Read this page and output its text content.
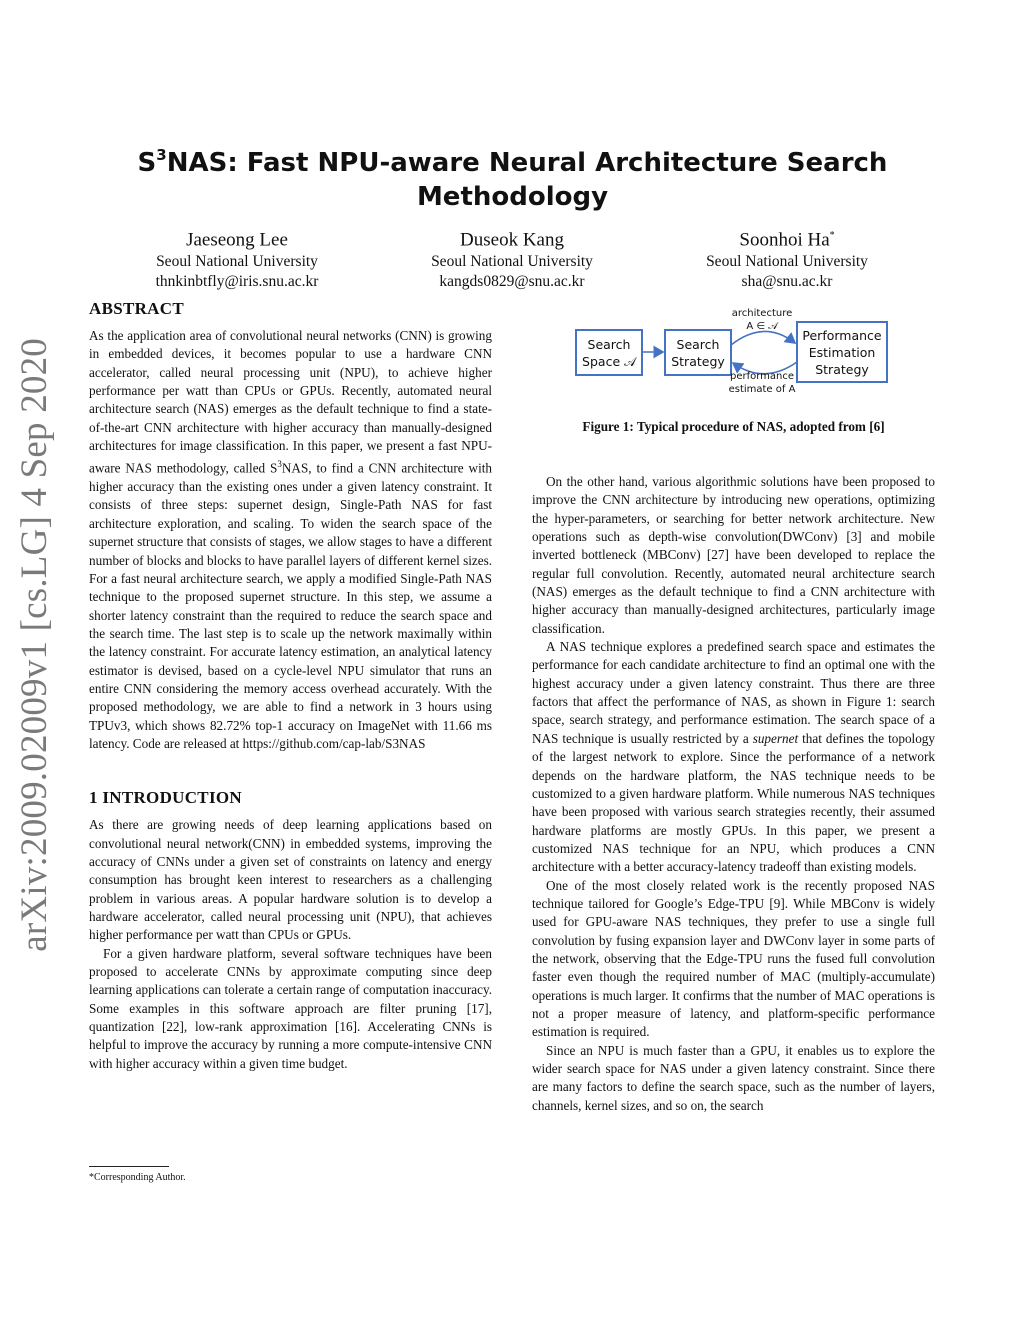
arXiv:2009.02009v1 [cs.LG] 4 Sep 2020
$S^3NAS$: Fast NPU-aware Neural Architecture Search
Methodology
Jaeseong Lee
Seoul National University
thnkinbtfly@iris.snu.ac.kr
Duseok Kang
Seoul National University
kangds0829@snu.ac.kr
Soonhoi Ha*
Seoul National University
sha@snu.ac.kr
ABSTRACT

As the application area of convolutional neural networks (CNN) is growing in embedded devices, it becomes popular to use a hardware CNN accelerator, called neural processing unit (NPU), to achieve higher performance per watt than CPUs or GPUs. Recently, automated neural architecture search (NAS) emerges as the default technique to find a state-of-the-art CNN architecture with higher accuracy than manually-designed architectures for image classification. In this paper, we present a fast NPU-aware NAS methodology, called $S^3NAS$, to find a CNN architecture with higher accuracy than the existing ones under a given latency constraint. It consists of three steps: supernet design, Single-Path NAS for fast architecture exploration, and scaling. To widen the search space of the supernet structure that consists of stages, we allow stages to have a different number of blocks and blocks to have parallel layers of different kernel sizes. For a fast neural architecture search, we apply a modified Single-Path NAS technique to the proposed supernet structure. In this step, we assume a shorter latency constraint than the required to reduce the search space and the search time. The last step is to scale up the network maximally within the latency constraint. For accurate latency estimation, an analytical latency estimator is devised, based on a cycle-level NPU simulator that runs an entire CNN considering the memory access overhead accurately. With the proposed methodology, we are able to find a network in 3 hours using TPUv3, which shows 82.72% top-1 accuracy on ImageNet with 11.66 ms latency. Code are released at https://github.com/cap-lab/S3NAS

1 INTRODUCTION

As there are growing needs of deep learning applications based on convolutional neural network(CNN) in embedded systems, improving the accuracy of CNNs under a given set of constraints on latency and energy consumption has brought keen interest to researchers as a challenging problem in various areas. A popular hardware solution is to develop a hardware accelerator, called neural processing unit (NPU), that achieves higher performance per watt than CPUs or GPUs.

For a given hardware platform, several software techniques have been proposed to accelerate CNNs by approximate computing since deep learning applications can tolerate a certain range of computation inaccuracy. Some examples in this software approach are filter pruning [17], quantization [22], low-rank approximation [16]. Accelerating CNNs is helpful to improve the accuracy by running a more compute-intensive CNN with higher accuracy within a given time budget.

*Corresponding Author.
Search
Space 𝒜
Search
Strategy
Performance
Estimation
Strategy
architecture
A ∈ 𝒜
performance
estimate of A
Figure 1: Typical procedure of NAS, adopted from [6]

On the other hand, various algorithmic solutions have been proposed to improve the CNN architecture by introducing new operations, optimizing the hyper-parameters, or searching for better network architecture. New operations such as depth-wise convolution(DWConv) [3] and mobile inverted bottleneck (MBConv) [27] have been developed to replace the regular full convolution. Recently, automated neural architecture search (NAS) emerges as the default technique to find a CNN architecture with higher accuracy than manually-designed architectures, particularly image classification.

A NAS technique explores a predefined search space and estimates the performance for each candidate architecture to find an optimal one with the highest accuracy under a given latency constraint. Thus there are three factors that affect the performance of NAS, as shown in Figure 1: search space, search strategy, and performance estimation. The search space of a NAS technique is usually restricted by a supernet that defines the topology of the largest network to explore. Since the performance of a network depends on the hardware platform, the NAS technique needs to be customized to a given hardware platform. While numerous NAS techniques have been proposed with various search strategies recently, their assumed hardware platforms are mostly GPUs. In this paper, we present a customized NAS technique for an NPU, which produces a CNN architecture with a better accuracy-latency tradeoff than existing models.

One of the most closely related work is the recently proposed NAS technique tailored for Google’s Edge-TPU [9]. While MBConv is widely used for GPU-aware NAS techniques, they prefer to use a single full convolution by fusing expansion layer and DWConv layer in some parts of the network, observing that the Edge-TPU runs the fused full convolution faster even though the required number of MAC (multiply-accumulate) operations is much larger. It confirms that the number of MAC operations is not a proper measure of latency, and platform-specific performance estimation is required.

Since an NPU is much faster than a GPU, it enables us to explore the wider search space for NAS under a given latency constraint. Since there are many factors to define the search space, such as the number of layers, channels, kernel sizes, and so on, the search
